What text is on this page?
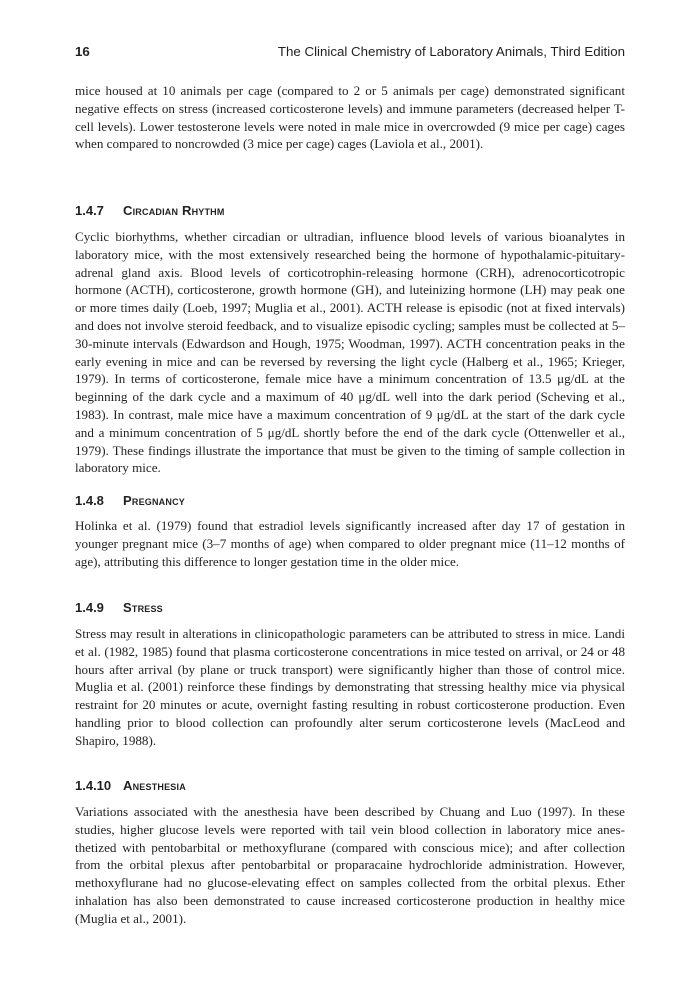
16	The Clinical Chemistry of Laboratory Animals, Third Edition

mice housed at 10 animals per cage (compared to 2 or 5 animals per cage) demonstrated significant negative effects on stress (increased corticosterone levels) and immune parameters (decreased helper T-cell levels). Lower testosterone levels were noted in male mice in overcrowded (9 mice per cage) cages when compared to noncrowded (3 mice per cage) cages (Laviola et al., 2001).

1.4.7 Circadian Rhythm

Cyclic biorhythms, whether circadian or ultradian, influence blood levels of various bioanalytes in laboratory mice, with the most extensively researched being the hormone of hypothalamic-pituitary-adrenal gland axis. Blood levels of corticotrophin-releasing hormone (CRH), adrenocorticotropic hormone (ACTH), corticosterone, growth hormone (GH), and luteinizing hormone (LH) may peak one or more times daily (Loeb, 1997; Muglia et al., 2001). ACTH release is episodic (not at fixed intervals) and does not involve steroid feedback, and to visualize episodic cycling; samples must be collected at 5–30-minute intervals (Edwardson and Hough, 1975; Woodman, 1997). ACTH concentration peaks in the early evening in mice and can be reversed by reversing the light cycle (Halberg et al., 1965; Krieger, 1979). In terms of corticosterone, female mice have a minimum concentration of 13.5 μg/dL at the beginning of the dark cycle and a maximum of 40 μg/dL well into the dark period (Scheving et al., 1983). In contrast, male mice have a maximum concentration of 9 μg/dL at the start of the dark cycle and a minimum concentration of 5 μg/dL shortly before the end of the dark cycle (Ottenweller et al., 1979). These findings illustrate the importance that must be given to the timing of sample collection in laboratory mice.

1.4.8 Pregnancy

Holinka et al. (1979) found that estradiol levels significantly increased after day 17 of gestation in younger pregnant mice (3–7 months of age) when compared to older pregnant mice (11–12 months of age), attributing this difference to longer gestation time in the older mice.

1.4.9 Stress

Stress may result in alterations in clinicopathologic parameters can be attributed to stress in mice. Landi et al. (1982, 1985) found that plasma corticosterone concentrations in mice tested on arrival, or 24 or 48 hours after arrival (by plane or truck transport) were significantly higher than those of control mice. Muglia et al. (2001) reinforce these findings by demonstrating that stressing healthy mice via physical restraint for 20 minutes or acute, overnight fasting resulting in robust corticosterone production. Even handling prior to blood collection can profoundly alter serum corticosterone levels (MacLeod and Shapiro, 1988).

1.4.10 Anesthesia

Variations associated with the anesthesia have been described by Chuang and Luo (1997). In these studies, higher glucose levels were reported with tail vein blood collection in laboratory mice anesthetized with pentobarbital or methoxyflurane (compared with conscious mice); and after collection from the orbital plexus after pentobarbital or proparacaine hydrochloride administration. However, methoxyflurane had no glucose-elevating effect on samples collected from the orbital plexus. Ether inhalation has also been demonstrated to cause increased corticosterone production in healthy mice (Muglia et al., 2001).
